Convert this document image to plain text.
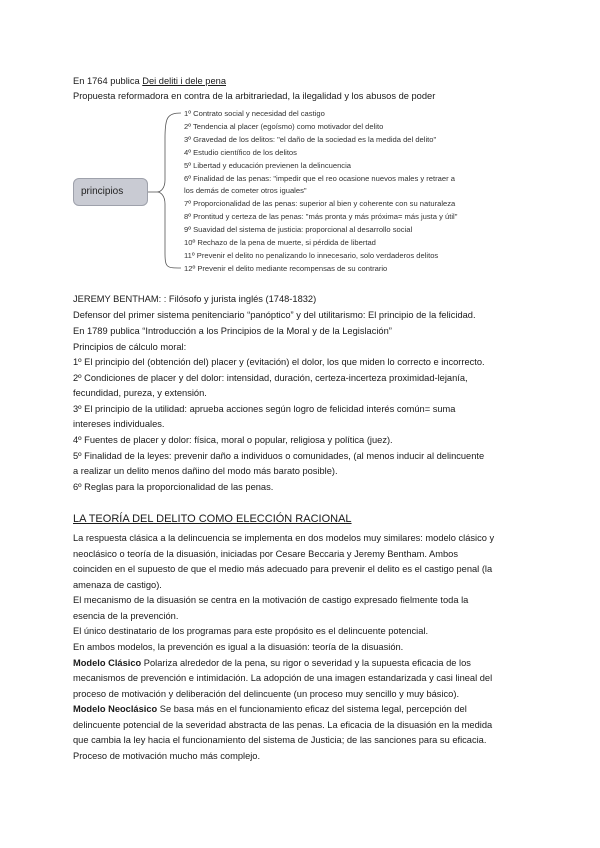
En 1764 publica Dei deliti i dele pena
Propuesta reformadora en contra de la arbitrariedad, la ilegalidad y los abusos de poder
principios
1º Contrato social y necesidad del castigo
2º Tendencia al placer (egoísmo) como motivador del delito
3º Gravedad de los delitos: "el daño de la sociedad es la medida del delito"
4º Estudio científico de los delitos
5º Libertad y educación previenen la delincuencia
6º Finalidad de las penas: "impedir que el reo ocasione nuevos males y retraer a
los demás de cometer otros iguales"
7º Proporcionalidad de las penas: superior al bien y coherente con su naturaleza
8º Prontitud y certeza de las penas: "más pronta y más próxima= más justa y útil"
9º Suavidad del sistema de justicia: proporcional al desarrollo social
10º Rechazo de la pena de muerte, si pérdida de libertad
11º Prevenir el delito no penalizando lo innecesario, solo verdaderos delitos
12º Prevenir el delito mediante recompensas de su contrario
JEREMY BENTHAM: : Filósofo y jurista inglés (1748-1832)
Defensor del primer sistema penitenciario “panóptico” y del utilitarismo: El principio de la felicidad.
En 1789 publica “Introducción a los Principios de la Moral y de la Legislación”
Principios de cálculo moral:
1º El principio del (obtención del) placer y (evitación) el dolor, los que miden lo correcto e incorrecto.
2º Condiciones de placer y del dolor: intensidad, duración, certeza-incerteza proximidad-lejanía,
fecundidad, pureza, y extensión.
3º El principio de la utilidad: aprueba acciones según logro de felicidad interés común= suma
intereses individuales.
4º Fuentes de placer y dolor: física, moral o popular, religiosa y política (juez).
5º Finalidad de la leyes: prevenir daño a individuos o comunidades, (al menos inducir al delincuente
a realizar un delito menos dañino del modo más barato posible).
6º Reglas para la proporcionalidad de las penas.
LA TEORÍA DEL DELITO COMO ELECCIÓN RACIONAL
La respuesta clásica a la delincuencia se implementa en dos modelos muy similares: modelo clásico y
neoclásico o teoría de la disuasión, iniciadas por Cesare Beccaria y Jeremy Bentham. Ambos
coinciden en el supuesto de que el medio más adecuado para prevenir el delito es el castigo penal (la
amenaza de castigo).
El mecanismo de la disuasión se centra en la motivación de castigo expresado fielmente toda la
esencia de la prevención.
El único destinatario de los programas para este propósito es el delincuente potencial.
En ambos modelos, la prevención es igual a la disuasión: teoría de la disuasión.
Modelo Clásico Polariza alrededor de la pena, su rigor o severidad y la supuesta eficacia de los
mecanismos de prevención e intimidación. La adopción de una imagen estandarizada y casi lineal del
proceso de motivación y deliberación del delincuente (un proceso muy sencillo y muy básico).
Modelo Neoclásico Se basa más en el funcionamiento eficaz del sistema legal, percepción del
delincuente potencial de la severidad abstracta de las penas. La eficacia de la disuasión en la medida
que cambia la ley hacia el funcionamiento del sistema de Justicia; de las sanciones para su eficacia.
Proceso de motivación mucho más complejo.
